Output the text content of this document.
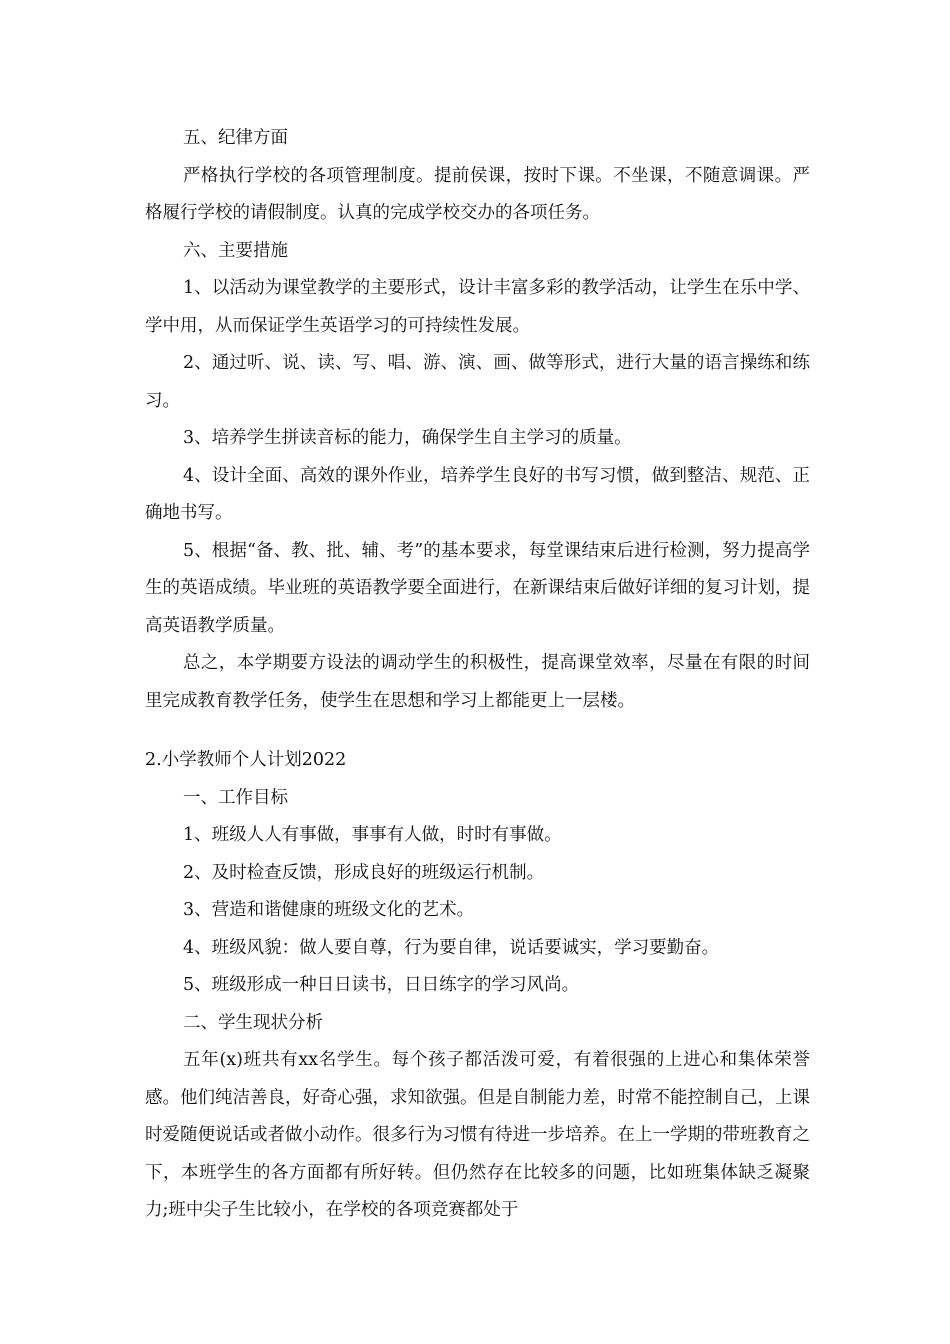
五、纪律方面
严格执行学校的各项管理制度。提前侯课，按时下课。不坐课，不随意调课。严格履行学校的请假制度。认真的完成学校交办的各项任务。
六、主要措施
1、以活动为课堂教学的主要形式，设计丰富多彩的教学活动，让学生在乐中学、学中用，从而保证学生英语学习的可持续性发展。
2、通过听、说、读、写、唱、游、演、画、做等形式，进行大量的语言操练和练习。
3、培养学生拼读音标的能力，确保学生自主学习的质量。
4、设计全面、高效的课外作业，培养学生良好的书写习惯，做到整洁、规范、正确地书写。
5、根据“备、教、批、辅、考”的基本要求，每堂课结束后进行检测，努力提高学生的英语成绩。毕业班的英语教学要全面进行，在新课结束后做好详细的复习计划，提高英语教学质量。
总之，本学期要方设法的调动学生的积极性，提高课堂效率，尽量在有限的时间里完成教育教学任务，使学生在思想和学习上都能更上一层楼。
2.小学教师个人计划2022
一、工作目标
1、班级人人有事做，事事有人做，时时有事做。
2、及时检查反馈，形成良好的班级运行机制。
3、营造和谐健康的班级文化的艺术。
4、班级风貌：做人要自尊，行为要自律，说话要诚实，学习要勤奋。
5、班级形成一种日日读书，日日练字的学习风尚。
二、学生现状分析
五年(x)班共有xx名学生。每个孩子都活泼可爱，有着很强的上进心和集体荣誉感。他们纯洁善良，好奇心强，求知欲强。但是自制能力差，时常不能控制自己，上课时爱随便说话或者做小动作。很多行为习惯有待进一步培养。在上一学期的带班教育之下，本班学生的各方面都有所好转。但仍然存在比较多的问题，比如班集体缺乏凝聚力;班中尖子生比较小，在学校的各项竞赛都处于
